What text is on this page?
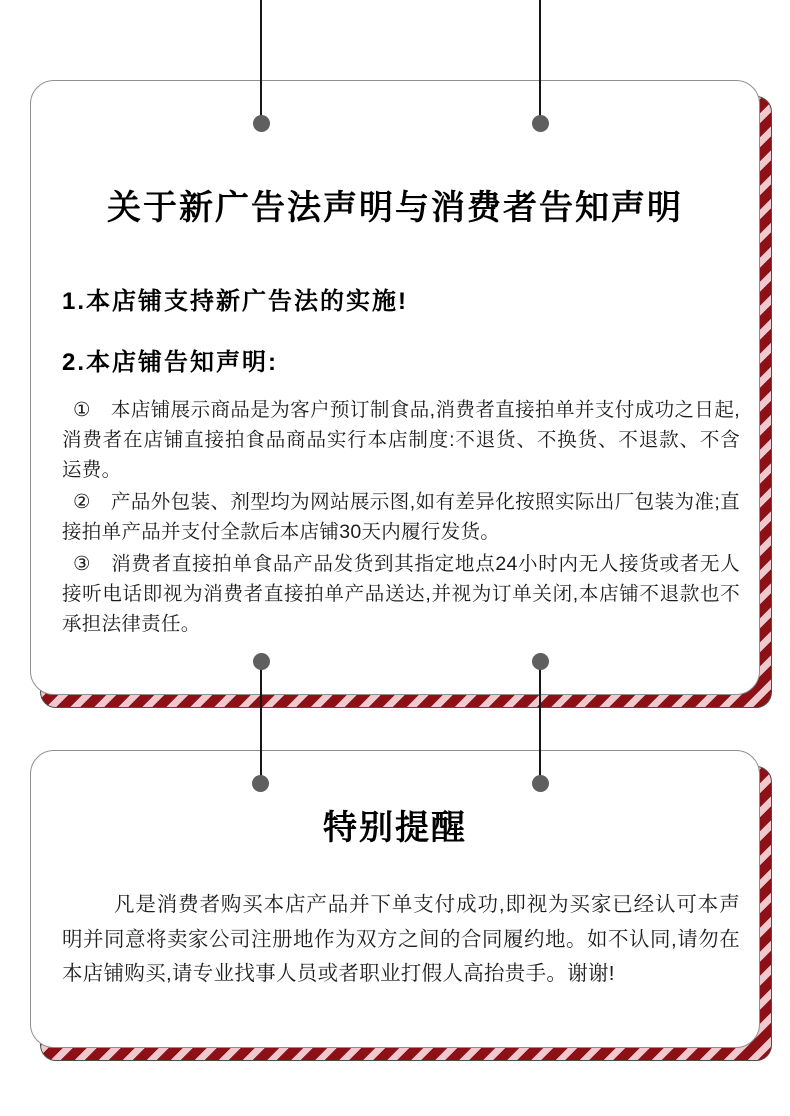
关于新广告法声明与消费者告知声明
1.本店铺支持新广告法的实施!
2.本店铺告知声明:

① 本店铺展示商品是为客户预订制食品,消费者直接拍单并支付成功之日起,消费者在店铺直接拍食品商品实行本店制度:不退货、不换货、不退款、不含运费。

② 产品外包装、剂型均为网站展示图,如有差异化按照实际出厂包装为准;直接拍单产品并支付全款后本店铺30天内履行发货。

③ 消费者直接拍单食品产品发货到其指定地点24小时内无人接货或者无人接听电话即视为消费者直接拍单产品送达,并视为订单关闭,本店铺不退款也不承担法律责任。

特别提醒

凡是消费者购买本店产品并下单支付成功,即视为买家已经认可本声明并同意将卖家公司注册地作为双方之间的合同履约地。如不认同,请勿在本店铺购买,请专业找事人员或者职业打假人高抬贵手。谢谢!
